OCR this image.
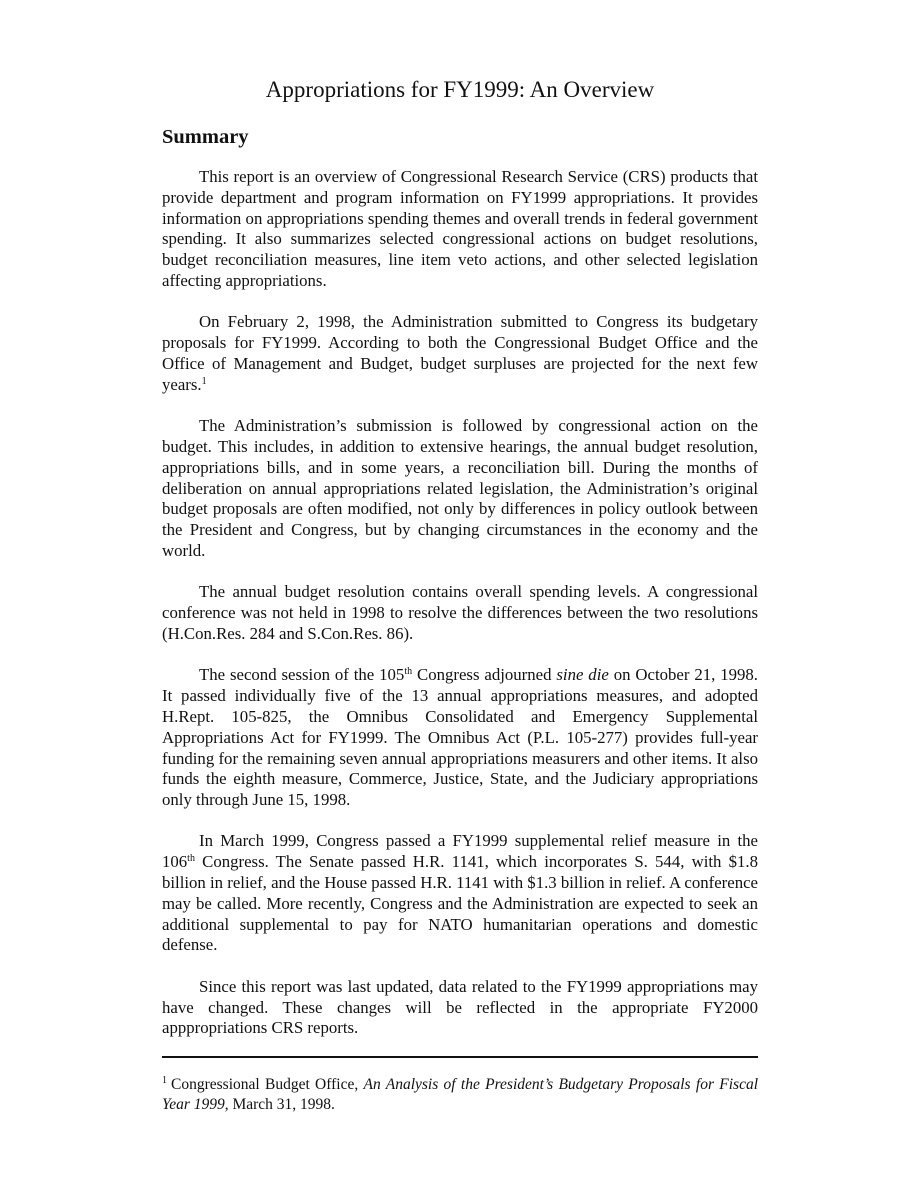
Appropriations for FY1999: An Overview
Summary

This report is an overview of Congressional Research Service (CRS) products that provide department and program information on FY1999 appropriations. It provides information on appropriations spending themes and overall trends in federal government spending. It also summarizes selected congressional actions on budget resolutions, budget reconciliation measures, line item veto actions, and other selected legislation affecting appropriations.

On February 2, 1998, the Administration submitted to Congress its budgetary proposals for FY1999. According to both the Congressional Budget Office and the Office of Management and Budget, budget surpluses are projected for the next few years.$^1$

The Administration’s submission is followed by congressional action on the budget. This includes, in addition to extensive hearings, the annual budget resolution, appropriations bills, and in some years, a reconciliation bill. During the months of deliberation on annual appropriations related legislation, the Administration’s original budget proposals are often modified, not only by differences in policy outlook between the President and Congress, but by changing circumstances in the economy and the world.

The annual budget resolution contains overall spending levels. A congressional conference was not held in 1998 to resolve the differences between the two resolutions (H.Con.Res. 284 and S.Con.Res. 86).

The second session of the 105th Congress adjourned sine die on October 21, 1998. It passed individually five of the 13 annual appropriations measures, and adopted H.Rept. 105-825, the Omnibus Consolidated and Emergency Supplemental Appropriations Act for FY1999. The Omnibus Act (P.L. 105-277) provides full-year funding for the remaining seven annual appropriations measurers and other items. It also funds the eighth measure, Commerce, Justice, State, and the Judiciary appropriations only through June 15, 1998.

In March 1999, Congress passed a FY1999 supplemental relief measure in the 106th Congress. The Senate passed H.R. 1141, which incorporates S. 544, with $1.8 billion in relief, and the House passed H.R. 1141 with $1.3 billion in relief. A conference may be called. More recently, Congress and the Administration are expected to seek an additional supplemental to pay for NATO humanitarian operations and domestic defense.

Since this report was last updated, data related to the FY1999 appropriations may have changed. These changes will be reflected in the appropriate FY2000 apppropriations CRS reports.

$^1$ Congressional Budget Office, An Analysis of the President’s Budgetary Proposals for Fiscal Year 1999, March 31, 1998.
